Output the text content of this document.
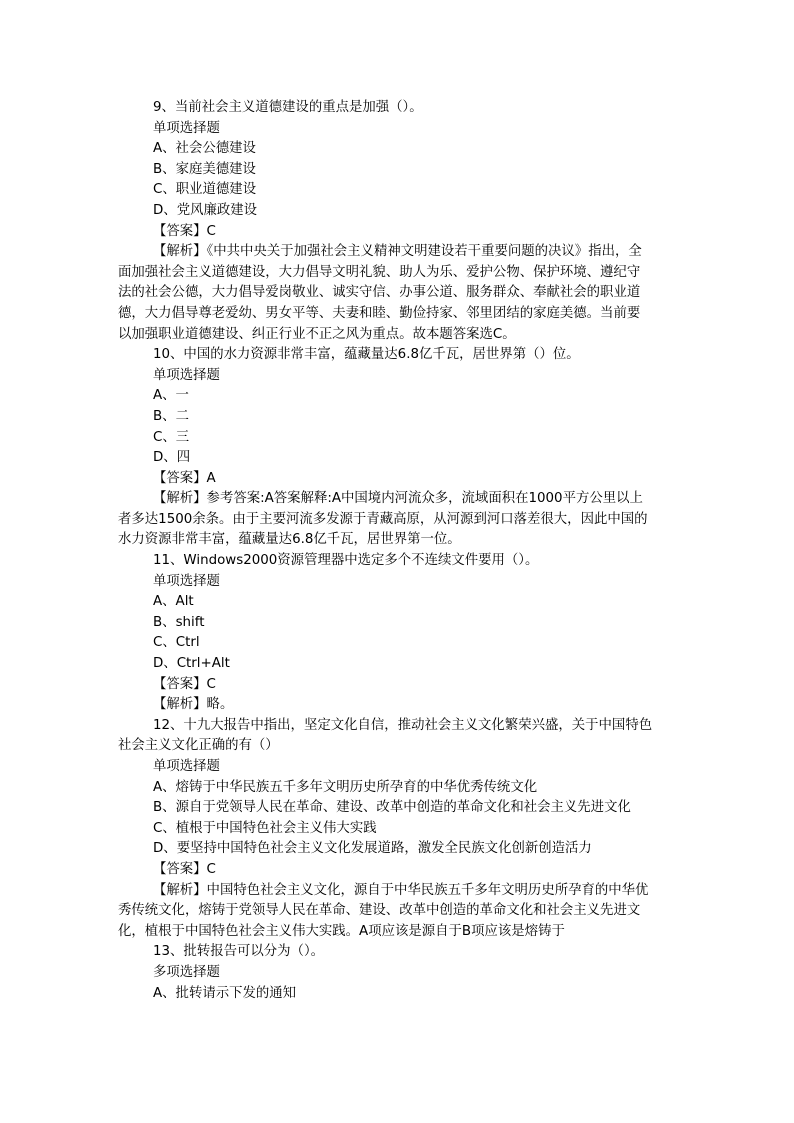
9、当前社会主义道德建设的重点是加强（）。
单项选择题
A、社会公德建设
B、家庭美德建设
C、职业道德建设
D、党风廉政建设
【答案】C
【解析】《中共中央关于加强社会主义精神文明建设若干重要问题的决议》指出，全
面加强社会主义道德建设，大力倡导文明礼貌、助人为乐、爱护公物、保护环境、遵纪守
法的社会公德，大力倡导爱岗敬业、诚实守信、办事公道、服务群众、奉献社会的职业道
德，大力倡导尊老爱幼、男女平等、夫妻和睦、勤俭持家、邻里团结的家庭美德。当前要
以加强职业道德建设、纠正行业不正之风为重点。故本题答案选C。
10、中国的水力资源非常丰富，蕴藏量达6.8亿千瓦，居世界第（）位。
单项选择题
A、一
B、二
C、三
D、四
【答案】A
【解析】参考答案:A答案解释:A中国境内河流众多，流域面积在1000平方公里以上
者多达1500余条。由于主要河流多发源于青藏高原，从河源到河口落差很大，因此中国的
水力资源非常丰富，蕴藏量达6.8亿千瓦，居世界第一位。
11、Windows2000资源管理器中选定多个不连续文件要用（）。
单项选择题
A、Alt
B、shift
C、Ctrl
D、Ctrl+Alt
【答案】C
【解析】略。
12、十九大报告中指出，坚定文化自信，推动社会主义文化繁荣兴盛，关于中国特色
社会主义文化正确的有（）
单项选择题
A、熔铸于中华民族五千多年文明历史所孕育的中华优秀传统文化
B、源自于党领导人民在革命、建设、改革中创造的革命文化和社会主义先进文化
C、植根于中国特色社会主义伟大实践
D、要坚持中国特色社会主义文化发展道路，激发全民族文化创新创造活力
【答案】C
【解析】中国特色社会主义文化，源自于中华民族五千多年文明历史所孕育的中华优
秀传统文化，熔铸于党领导人民在革命、建设、改革中创造的革命文化和社会主义先进文
化，植根于中国特色社会主义伟大实践。A项应该是源自于B项应该是熔铸于
13、批转报告可以分为（）。
多项选择题
A、批转请示下发的通知
